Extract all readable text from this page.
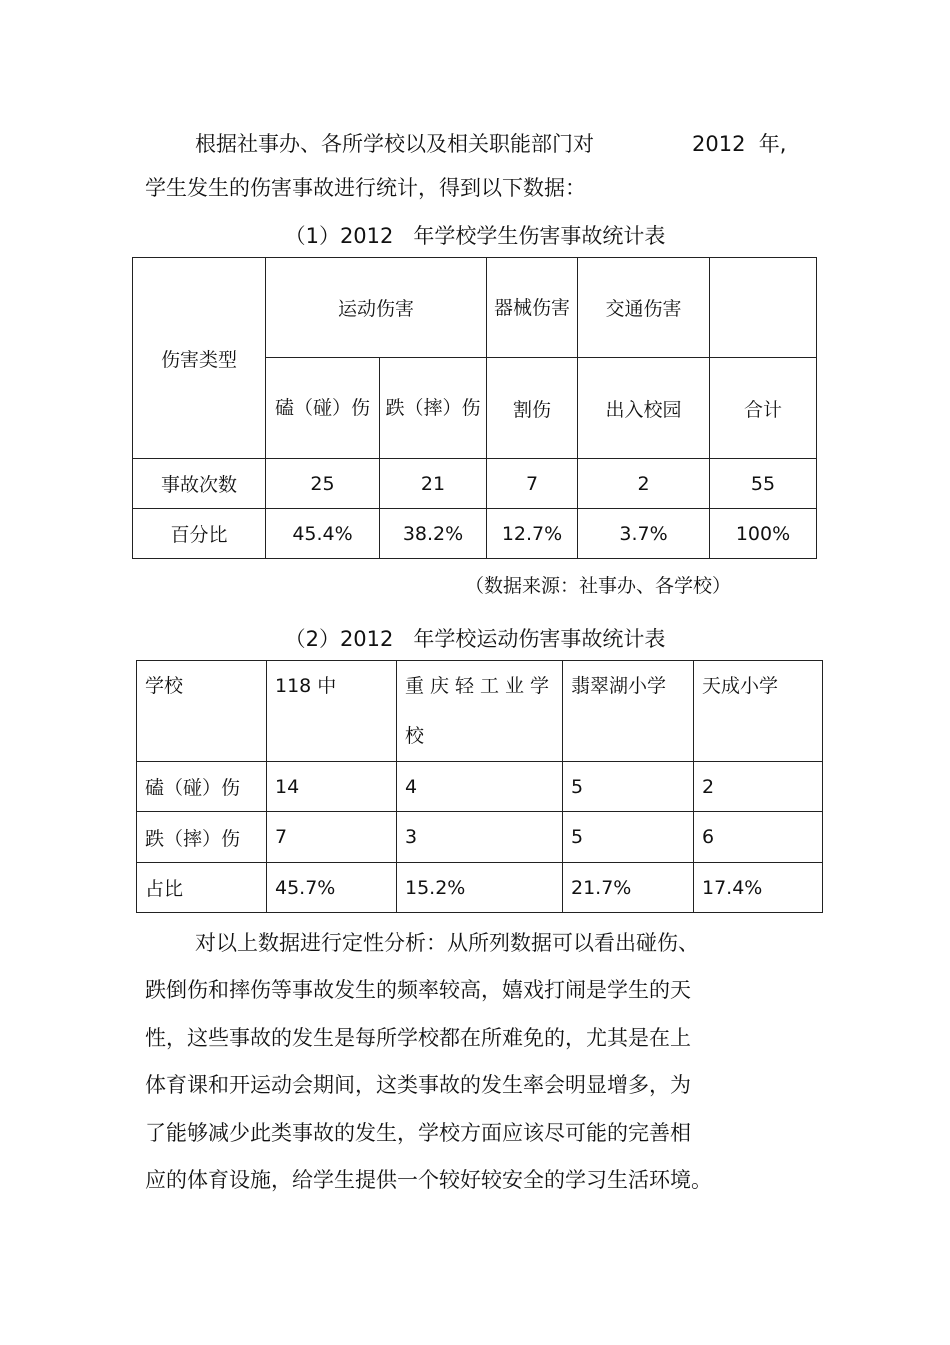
根据社事办、各所学校以及相关职能部门对	2012  年,
学生发生的伤害事故进行统计，得到以下数据：
（1）2012   年学校学生伤害事故统计表
伤害类型	运动伤害		器械伤害	交通伤害	
	磕（碰）伤	跌（摔）伤	割伤	出入校园	合计
事故次数	25	21	7	2	55
百分比	45.4%	38.2%	12.7%	3.7%	100%
（数据来源：社事办、各学校）
（2）2012   年学校运动伤害事故统计表
学校	118 中	重庆轻工业学校	翡翠湖小学	天成小学
磕（碰）伤	14	4	5	2
跌（摔）伤	7	3	5	6
占比	45.7%	15.2%	21.7%	17.4%
对以上数据进行定性分析：从所列数据可以看出碰伤、
跌倒伤和摔伤等事故发生的频率较高，嬉戏打闹是学生的天
性，这些事故的发生是每所学校都在所难免的，尤其是在上
体育课和开运动会期间，这类事故的发生率会明显增多，为
了能够减少此类事故的发生，学校方面应该尽可能的完善相
应的体育设施，给学生提供一个较好较安全的学习生活环境。
